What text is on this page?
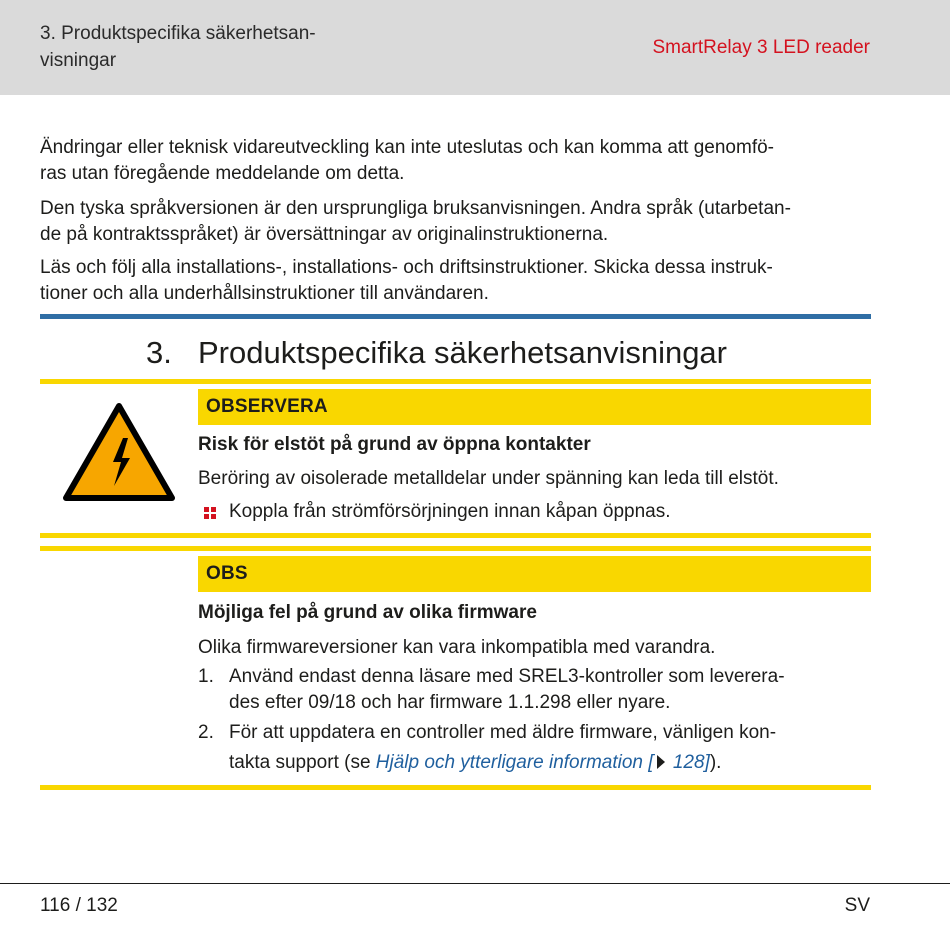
3. Produktspecifika säkerhetsan-
visningar
SmartRelay 3 LED reader
Ändringar eller teknisk vidareutveckling kan inte uteslutas och kan komma att genomfö-
ras utan föregående meddelande om detta.
Den tyska språkversionen är den ursprungliga bruksanvisningen. Andra språk (utarbetan-
de på kontraktsspråket) är översättningar av originalinstruktionerna.
Läs och följ alla installations-, installations- och driftsinstruktioner. Skicka dessa instruk-
tioner och alla underhållsinstruktioner till användaren.
3. Produktspecifika säkerhetsanvisningar
OBSERVERA
Risk för elstöt på grund av öppna kontakter
Beröring av oisolerade metalldelar under spänning kan leda till elstöt.
Koppla från strömförsörjningen innan kåpan öppnas.
OBS
Möjliga fel på grund av olika firmware
Olika firmwareversioner kan vara inkompatibla med varandra.
1. Använd endast denna läsare med SREL3-kontroller som levererа-
des efter 09/18 och har firmware 1.1.298 eller nyare.
2. För att uppdatera en controller med äldre firmware, vänligen kon-
takta support (se Hjälp och ytterligare information [ 128]).
116 / 132	SV
